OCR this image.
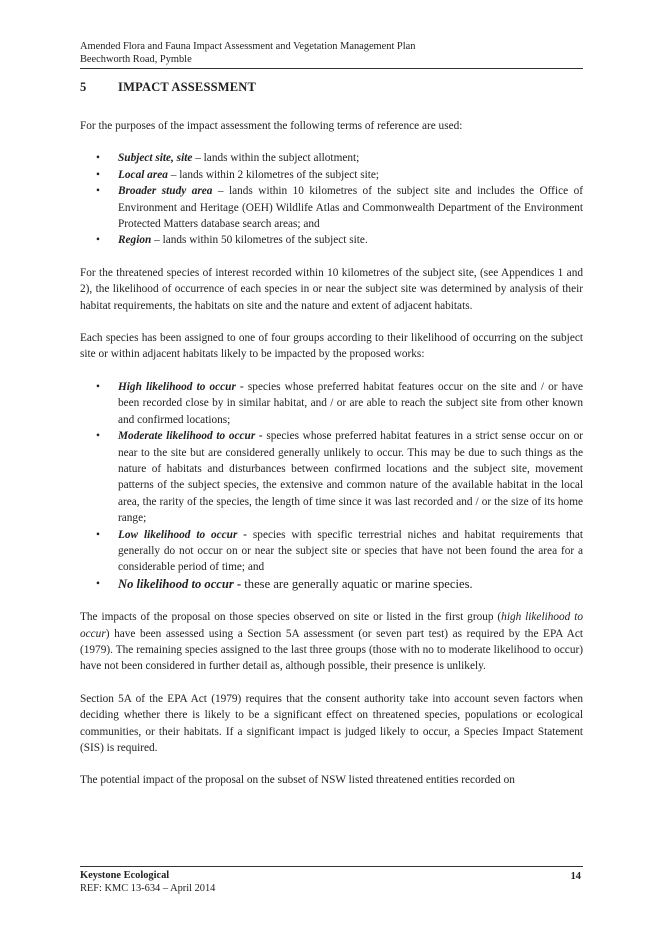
Amended Flora and Fauna Impact Assessment and Vegetation Management Plan
Beechworth Road, Pymble
5	IMPACT ASSESSMENT

For the purposes of the impact assessment the following terms of reference are used:

• Subject site, site – lands within the subject allotment;
• Local area – lands within 2 kilometres of the subject site;
• Broader study area – lands within 10 kilometres of the subject site and includes the Office of Environment and Heritage (OEH) Wildlife Atlas and Commonwealth Department of the Environment Protected Matters database search areas; and
• Region – lands within 50 kilometres of the subject site.

For the threatened species of interest recorded within 10 kilometres of the subject site, (see Appendices 1 and 2), the likelihood of occurrence of each species in or near the subject site was determined by analysis of their habitat requirements, the habitats on site and the nature and extent of adjacent habitats.

Each species has been assigned to one of four groups according to their likelihood of occurring on the subject site or within adjacent habitats likely to be impacted by the proposed works:

• High likelihood to occur - species whose preferred habitat features occur on the site and / or have been recorded close by in similar habitat, and / or are able to reach the subject site from other known and confirmed locations;
• Moderate likelihood to occur - species whose preferred habitat features in a strict sense occur on or near to the site but are considered generally unlikely to occur. This may be due to such things as the nature of habitats and disturbances between confirmed locations and the subject site, movement patterns of the subject species, the extensive and common nature of the available habitat in the local area, the rarity of the species, the length of time since it was last recorded and / or the size of its home range;
• Low likelihood to occur - species with specific terrestrial niches and habitat requirements that generally do not occur on or near the subject site or species that have not been found the area for a considerable period of time; and
• No likelihood to occur - these are generally aquatic or marine species.

The impacts of the proposal on those species observed on site or listed in the first group (high likelihood to occur) have been assessed using a Section 5A assessment (or seven part test) as required by the EPA Act (1979). The remaining species assigned to the last three groups (those with no to moderate likelihood to occur) have not been considered in further detail as, although possible, their presence is unlikely.

Section 5A of the EPA Act (1979) requires that the consent authority take into account seven factors when deciding whether there is likely to be a significant effect on threatened species, populations or ecological communities, or their habitats. If a significant impact is judged likely to occur, a Species Impact Statement (SIS) is required.

The potential impact of the proposal on the subset of NSW listed threatened entities recorded on

Keystone Ecological
REF: KMC 13-634 – April 2014
14
